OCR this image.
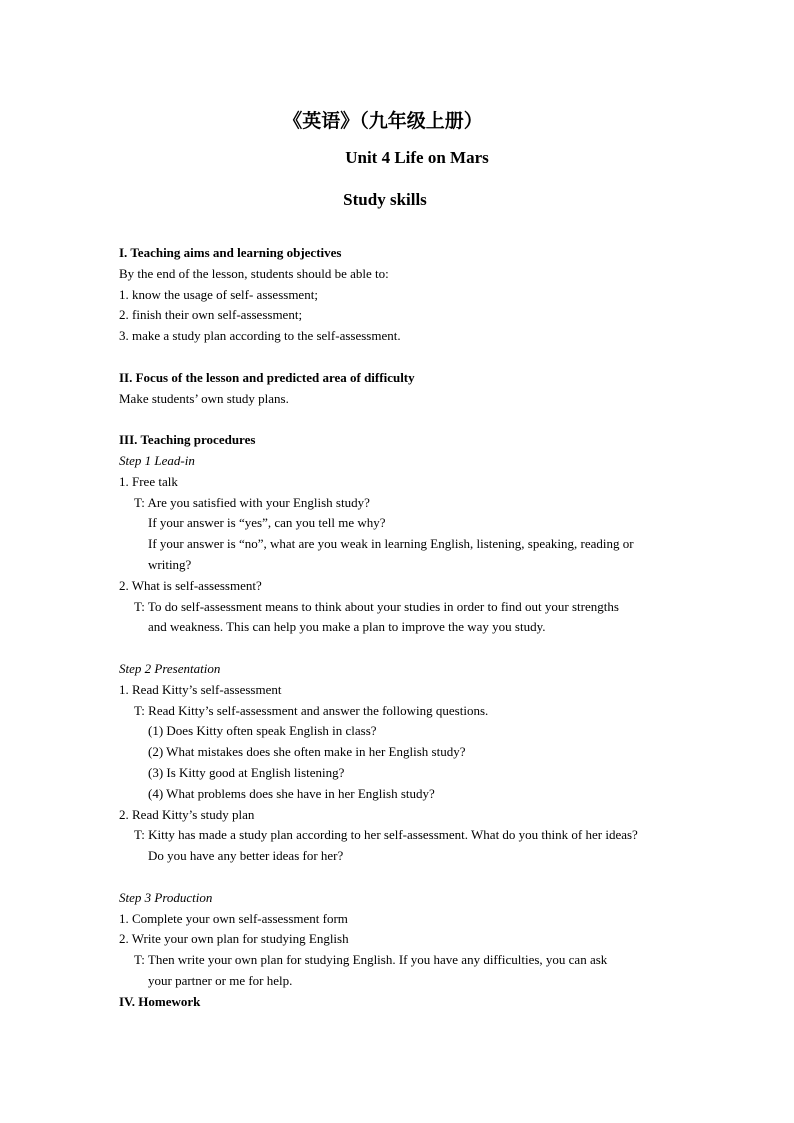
《英语》（九年级上册）
Unit 4 Life on Mars
Study skills
I. Teaching aims and learning objectives
By the end of the lesson, students should be able to:
1. know the usage of self- assessment;
2. finish their own self-assessment;
3. make a study plan according to the self-assessment.
II. Focus of the lesson and predicted area of difficulty
Make students’ own study plans.
III. Teaching procedures
Step 1 Lead-in
1. Free talk
T: Are you satisfied with your English study?
If your answer is “yes”, can you tell me why?
If your answer is “no”, what are you weak in learning English, listening, speaking, reading or
writing?
2. What is self-assessment?
T: To do self-assessment means to think about your studies in order to find out your strengths
and weakness. This can help you make a plan to improve the way you study.
Step 2 Presentation
1. Read Kitty’s self-assessment
T: Read Kitty’s self-assessment and answer the following questions.
(1) Does Kitty often speak English in class?
(2) What mistakes does she often make in her English study?
(3) Is Kitty good at English listening?
(4) What problems does she have in her English study?
2. Read Kitty’s study plan
T: Kitty has made a study plan according to her self-assessment. What do you think of her ideas?
Do you have any better ideas for her?
Step 3 Production
1. Complete your own self-assessment form
2. Write your own plan for studying English
T: Then write your own plan for studying English. If you have any difficulties, you can ask
your partner or me for help.
IV. Homework
